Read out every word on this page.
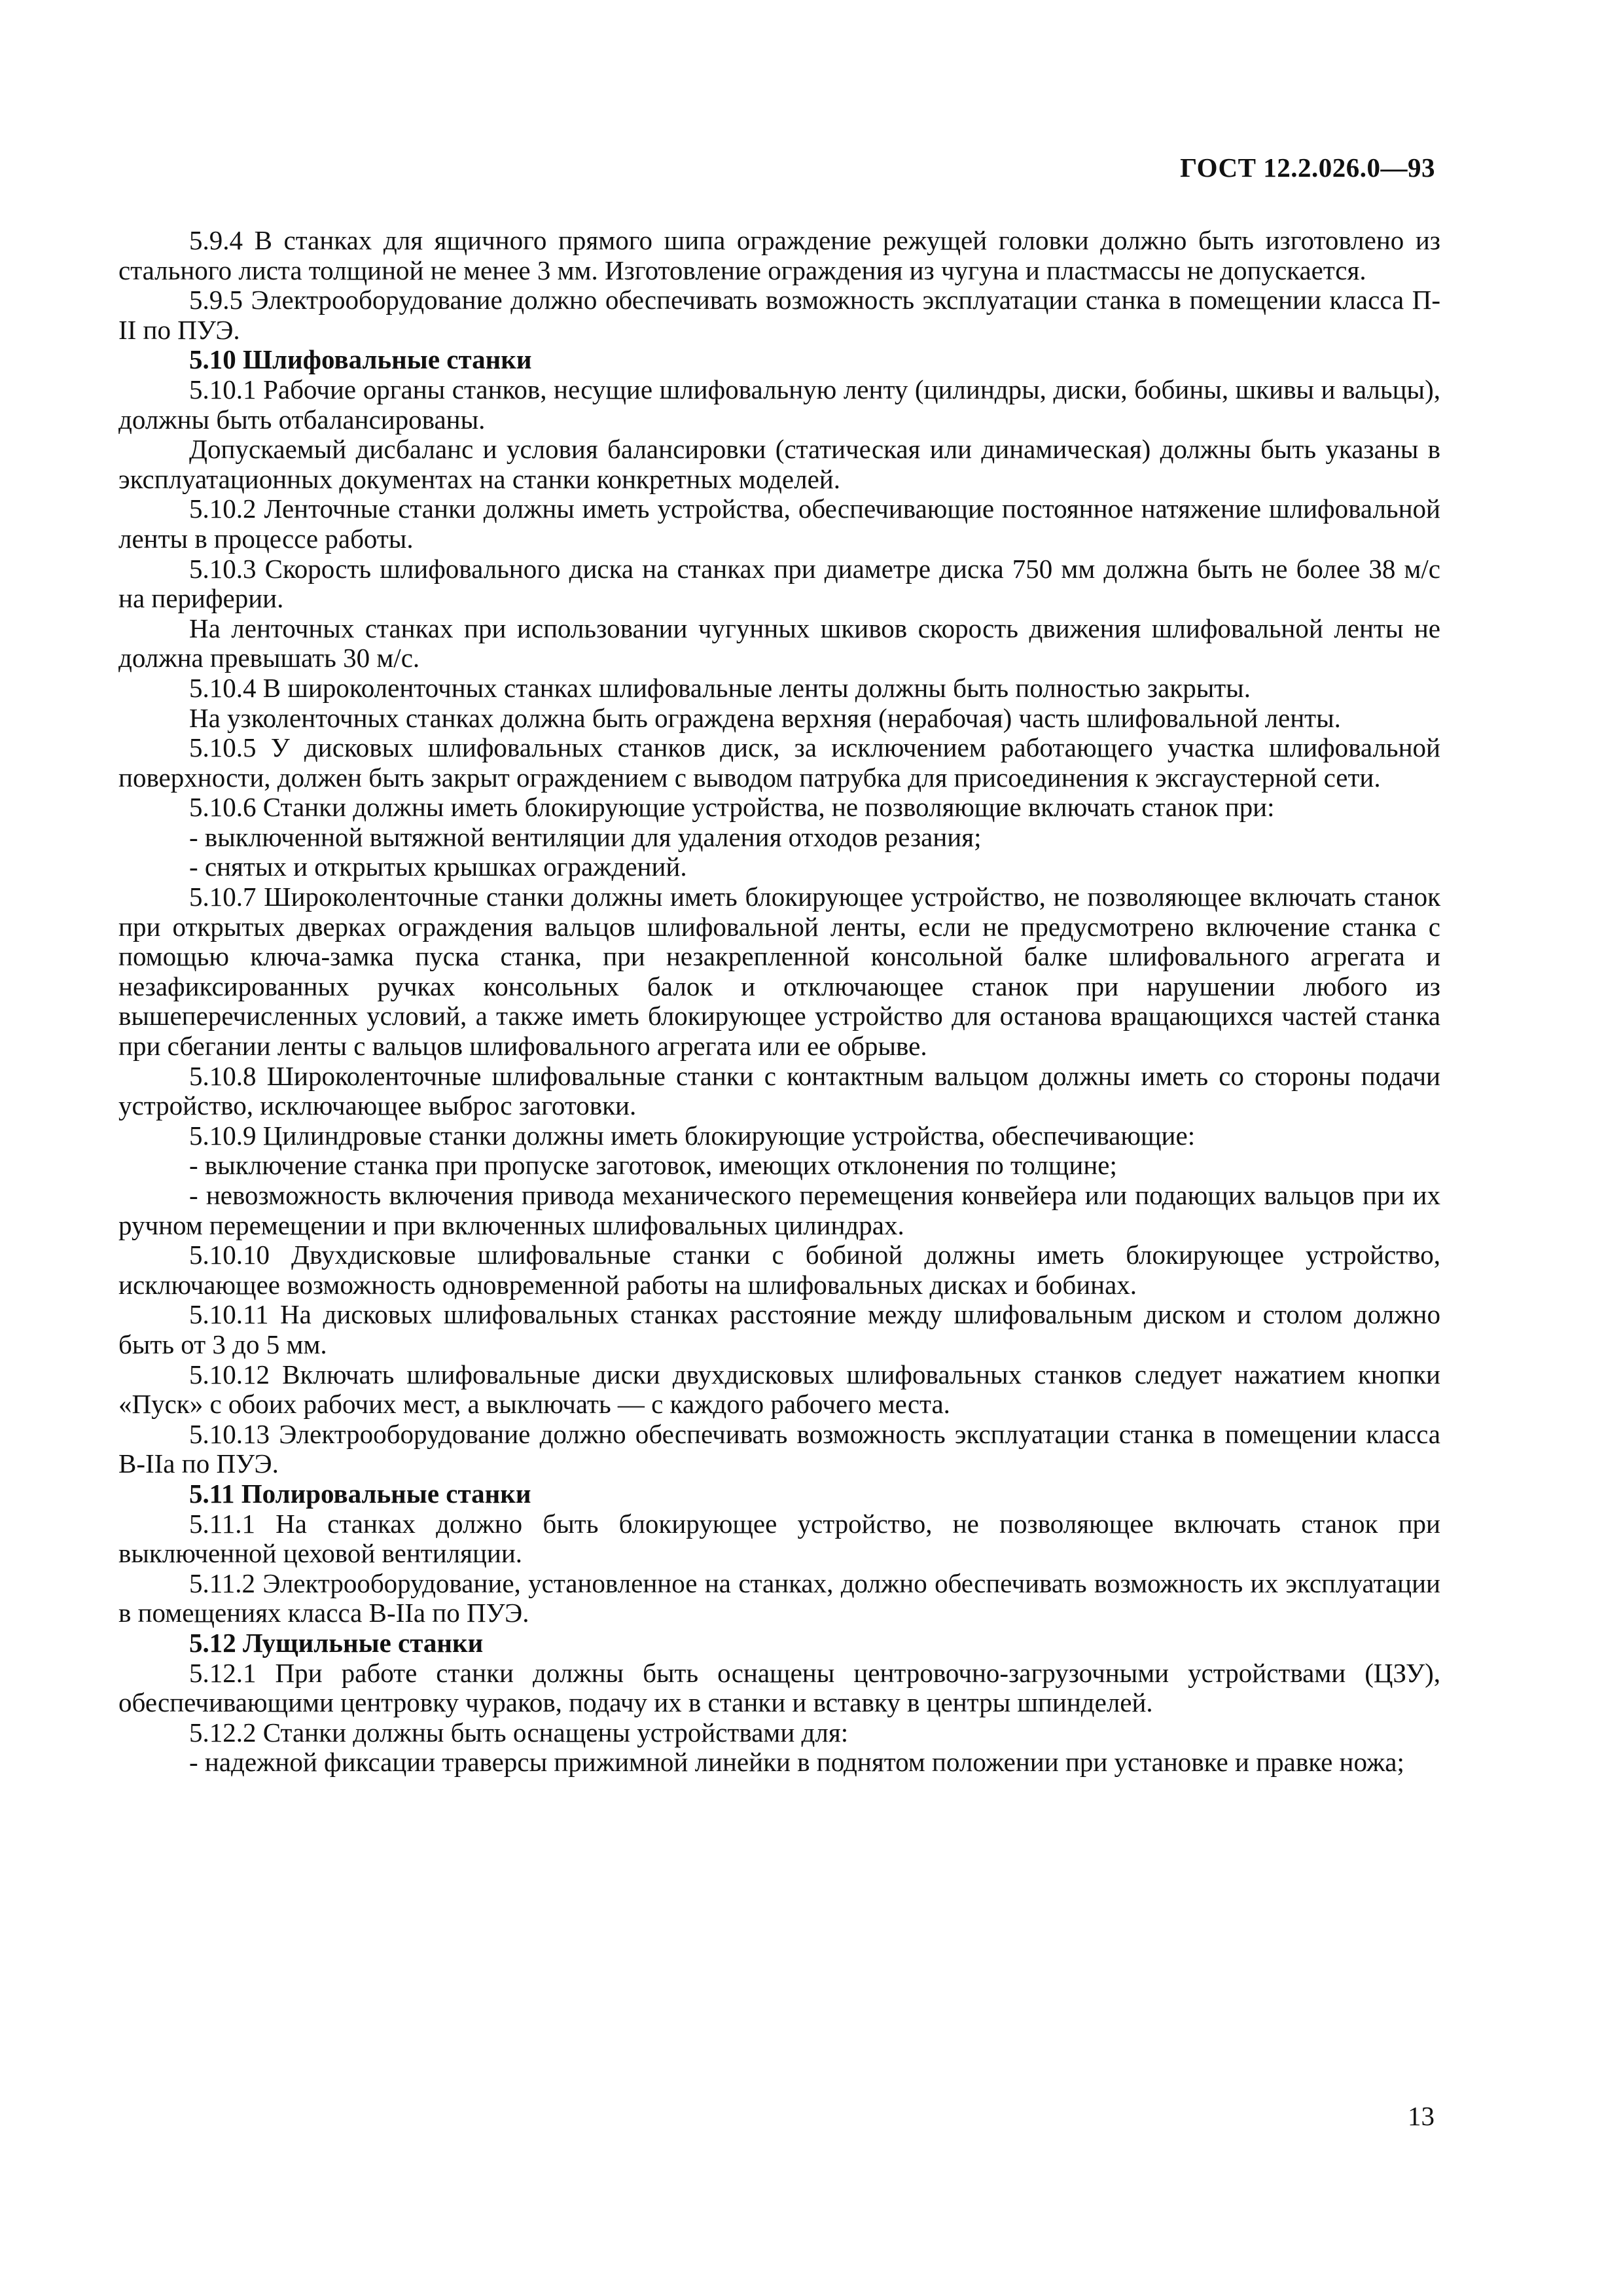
ГОСТ 12.2.026.0—93

5.9.4 В станках для ящичного прямого шипа ограждение режущей головки должно быть изготовлено из стального листа толщиной не менее 3 мм. Изготовление ограждения из чугуна и пластмассы не допускается.

5.9.5 Электрооборудование должно обеспечивать возможность эксплуатации станка в помещении класса П-II по ПУЭ.

5.10 Шлифовальные станки

5.10.1 Рабочие органы станков, несущие шлифовальную ленту (цилиндры, диски, бобины, шкивы и вальцы), должны быть отбалансированы.

Допускаемый дисбаланс и условия балансировки (статическая или динамическая) должны быть указаны в эксплуатационных документах на станки конкретных моделей.

5.10.2 Ленточные станки должны иметь устройства, обеспечивающие постоянное натяжение шлифовальной ленты в процессе работы.

5.10.3 Скорость шлифовального диска на станках при диаметре диска 750 мм должна быть не более 38 м/с на периферии.

На ленточных станках при использовании чугунных шкивов скорость движения шлифовальной ленты не должна превышать 30 м/с.

5.10.4 В широколенточных станках шлифовальные ленты должны быть полностью закрыты.

На узколенточных станках должна быть ограждена верхняя (нерабочая) часть шлифовальной ленты.

5.10.5 У дисковых шлифовальных станков диск, за исключением работающего участка шлифовальной поверхности, должен быть закрыт ограждением с выводом патрубка для присоединения к эксгаустерной сети.

5.10.6 Станки должны иметь блокирующие устройства, не позволяющие включать станок при:

- выключенной вытяжной вентиляции для удаления отходов резания;

- снятых и открытых крышках ограждений.

5.10.7 Широколенточные станки должны иметь блокирующее устройство, не позволяющее включать станок при открытых дверках ограждения вальцов шлифовальной ленты, если не предусмотрено включение станка с помощью ключа-замка пуска станка, при незакрепленной консольной балке шлифовального агрегата и незафиксированных ручках консольных балок и отключающее станок при нарушении любого из вышеперечисленных условий, а также иметь блокирующее устройство для останова вращающихся частей станка при сбегании ленты с вальцов шлифовального агрегата или ее обрыве.

5.10.8 Широколенточные шлифовальные станки с контактным вальцом должны иметь со стороны подачи устройство, исключающее выброс заготовки.

5.10.9 Цилиндровые станки должны иметь блокирующие устройства, обеспечивающие:

- выключение станка при пропуске заготовок, имеющих отклонения по толщине;

- невозможность включения привода механического перемещения конвейера или подающих вальцов при их ручном перемещении и при включенных шлифовальных цилиндрах.

5.10.10 Двухдисковые шлифовальные станки с бобиной должны иметь блокирующее устройство, исключающее возможность одновременной работы на шлифовальных дисках и бобинах.

5.10.11 На дисковых шлифовальных станках расстояние между шлифовальным диском и столом должно быть от 3 до 5 мм.

5.10.12 Включать шлифовальные диски двухдисковых шлифовальных станков следует нажатием кнопки «Пуск» с обоих рабочих мест, а выключать — с каждого рабочего места.

5.10.13 Электрооборудование должно обеспечивать возможность эксплуатации станка в помещении класса В-IIа по ПУЭ.

5.11 Полировальные станки

5.11.1 На станках должно быть блокирующее устройство, не позволяющее включать станок при выключенной цеховой вентиляции.

5.11.2 Электрооборудование, установленное на станках, должно обеспечивать возможность их эксплуатации в помещениях класса В-IIа по ПУЭ.

5.12 Лущильные станки

5.12.1 При работе станки должны быть оснащены центровочно-загрузочными устройствами (ЦЗУ), обеспечивающими центровку чураков, подачу их в станки и вставку в центры шпинделей.

5.12.2 Станки должны быть оснащены устройствами для:

- надежной фиксации траверсы прижимной линейки в поднятом положении при установке и правке ножа;

13
